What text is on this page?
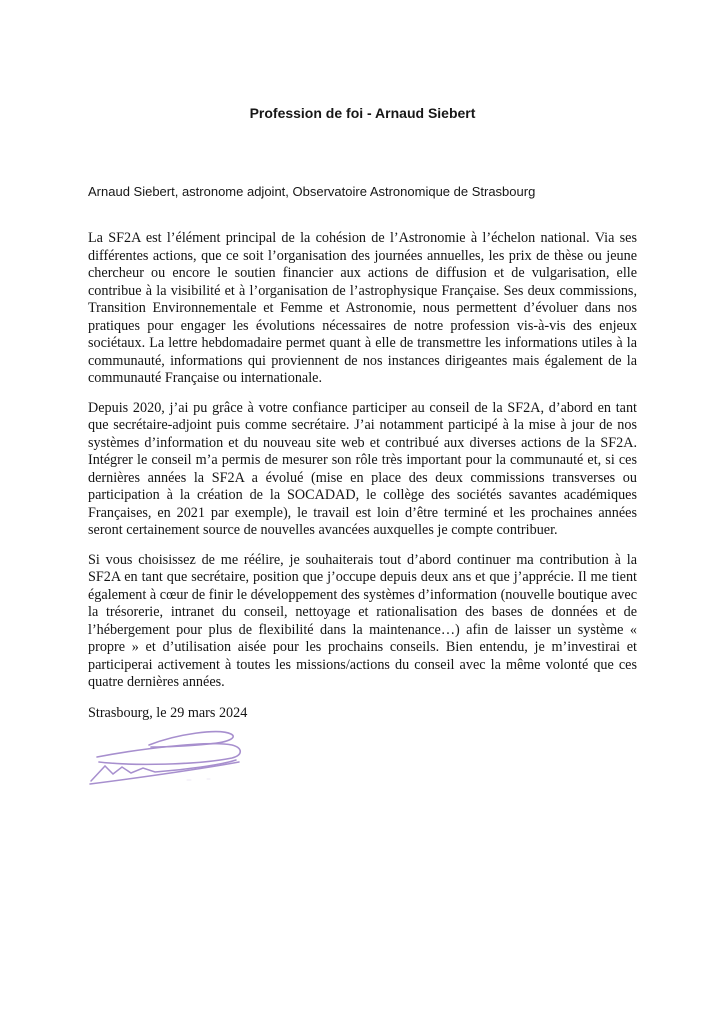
Profession de foi - Arnaud Siebert

Arnaud Siebert, astronome adjoint, Observatoire Astronomique de Strasbourg

La SF2A est l’élément principal de la cohésion de l’Astronomie à l’échelon national. Via ses différentes actions, que ce soit l’organisation des journées annuelles, les prix de thèse ou jeune chercheur ou encore le soutien financier aux actions de diffusion et de vulgarisation, elle contribue à la visibilité et à l’organisation de l’astrophysique Française. Ses deux commissions, Transition Environnementale et Femme et Astronomie, nous permettent d’évoluer dans nos pratiques pour engager les évolutions nécessaires de notre profession vis-à-vis des enjeux sociétaux. La lettre hebdomadaire permet quant à elle de transmettre les informations utiles à la communauté, informations qui proviennent de nos instances dirigeantes mais également de la communauté Française ou internationale.

Depuis 2020, j’ai pu grâce à votre confiance participer au conseil de la SF2A, d’abord en tant que secrétaire-adjoint puis comme secrétaire. J’ai notamment participé à la mise à jour de nos systèmes d’information et du nouveau site web et contribué aux diverses actions de la SF2A. Intégrer le conseil m’a permis de mesurer son rôle très important pour la communauté et, si ces dernières années la SF2A a évolué (mise en place des deux commissions transverses ou participation à la création de la SOCADAD, le collège des sociétés savantes académiques Françaises, en 2021 par exemple), le travail est loin d’être terminé et les prochaines années seront certainement source de nouvelles avancées auxquelles je compte contribuer.

Si vous choisissez de me réélire, je souhaiterais tout d’abord continuer ma contribution à la SF2A en tant que secrétaire, position que j’occupe depuis deux ans et que j’apprécie. Il me tient également à cœur de finir le développement des systèmes d’information (nouvelle boutique avec la trésorerie, intranet du conseil, nettoyage et rationalisation des bases de données et de l’hébergement pour plus de flexibilité dans la maintenance…) afin de laisser un système « propre » et d’utilisation aisée pour les prochains conseils. Bien entendu, je m’investirai et participerai activement à toutes les missions/actions du conseil avec la même volonté que ces quatre dernières années.

Strasbourg, le 29 mars 2024
